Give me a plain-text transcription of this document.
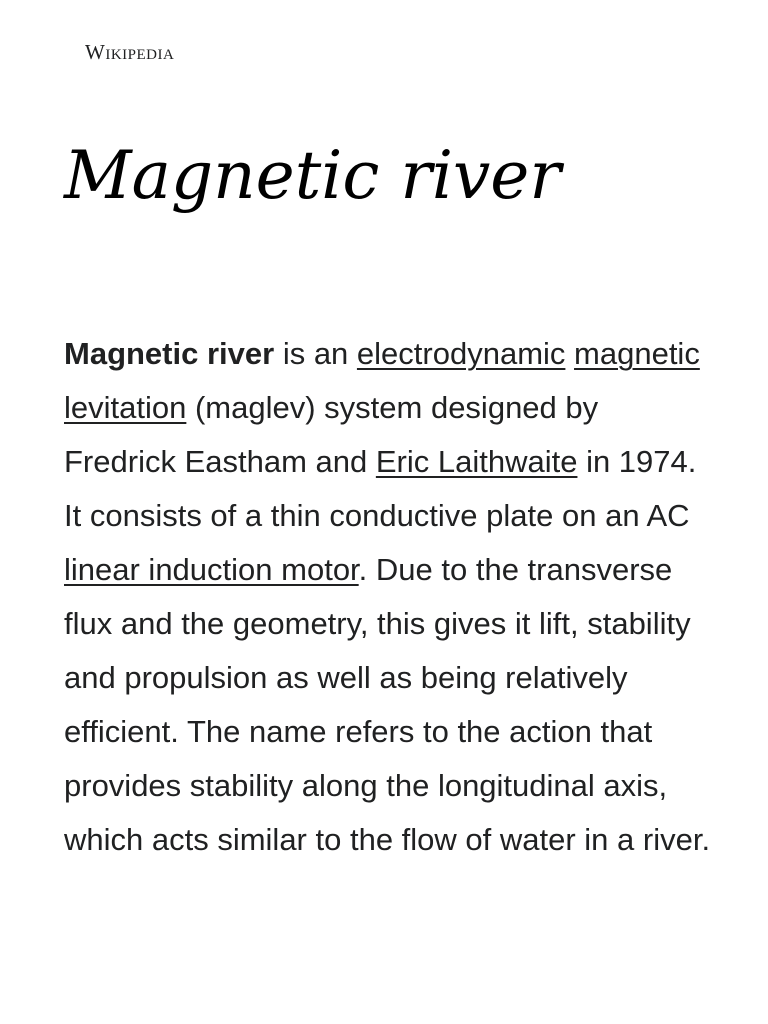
Wikipedia
Magnetic river

Magnetic river is an electrodynamic magnetic levitation (maglev) system designed by Fredrick Eastham and Eric Laithwaite in 1974. It consists of a thin conductive plate on an AC linear induction motor. Due to the transverse flux and the geometry, this gives it lift, stability and propulsion as well as being relatively efficient. The name refers to the action that provides stability along the longitudinal axis, which acts similar to the flow of water in a river.
